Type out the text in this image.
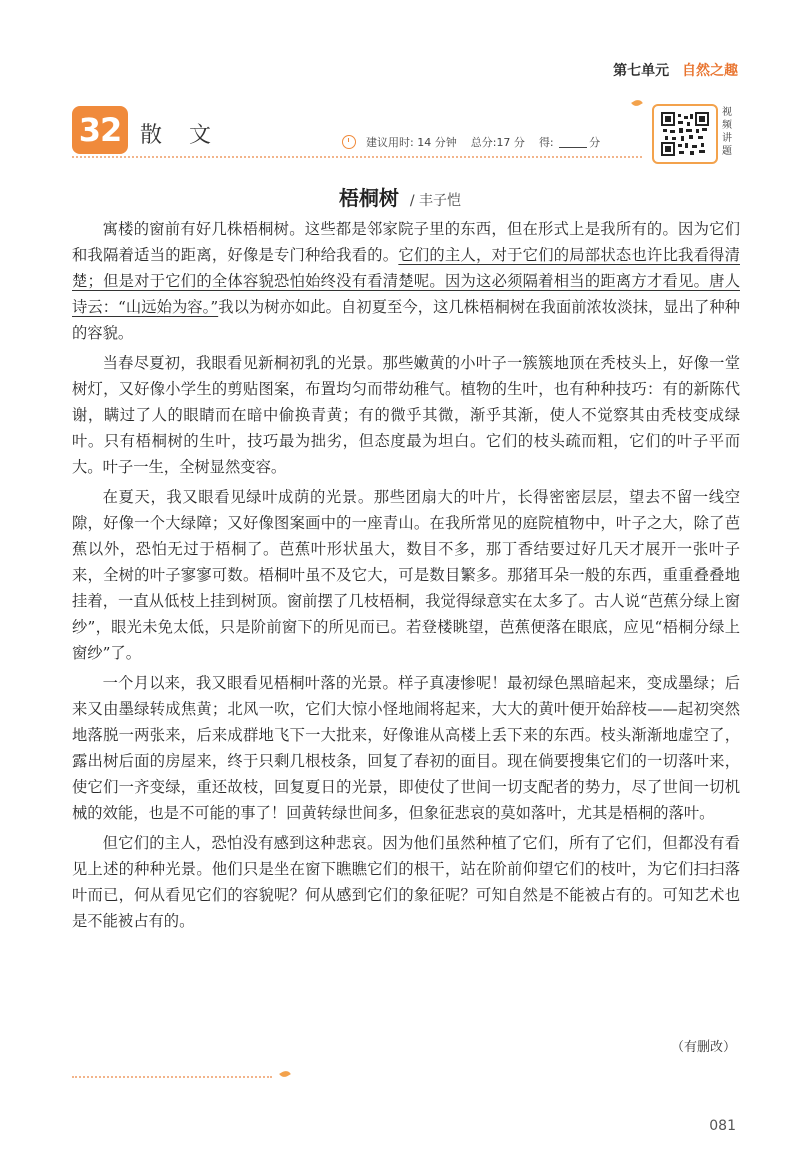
第七单元 自然之趣
32 散 文	建议用时:
14 分钟 总分: 17 分 得:
	分
视频讲题
梧桐树 / 丰子恺

寓楼的窗前有好几株梧桐树。这些都是邻家院子里的东西，但在形式上是我所有的。因为它们和我隔着适当的距离，好像是专门种给我看的。它们的主人，对于它们的局部状态也许比我看得清楚；但是对于它们的全体容貌恐怕始终没有看清楚呢。因为这必须隔着相当的距离方才看见。唐人诗云：“山远始为容。”我以为树亦如此。自初夏至今，这几株梧桐树在我面前浓妆淡抹，显出了种种的容貌。

当春尽夏初，我眼看见新桐初乳的光景。那些嫩黄的小叶子一簇簇地顶在秃枝头上，好像一堂树灯，又好像小学生的剪贴图案，布置均匀而带幼稚气。植物的生叶，也有种种技巧：有的新陈代谢，瞒过了人的眼睛而在暗中偷换青黄；有的微乎其微，渐乎其渐，使人不觉察其由秃枝变成绿叶。只有梧桐树的生叶，技巧最为拙劣，但态度最为坦白。它们的枝头疏而粗，它们的叶子平而大。叶子一生，全树显然变容。

在夏天，我又眼看见绿叶成荫的光景。那些团扇大的叶片，长得密密层层，望去不留一线空隙，好像一个大绿障；又好像图案画中的一座青山。在我所常见的庭院植物中，叶子之大，除了芭蕉以外，恐怕无过于梧桐了。芭蕉叶形状虽大，数目不多，那丁香结要过好几天才展开一张叶子来，全树的叶子寥寥可数。梧桐叶虽不及它大，可是数目繁多。那猪耳朵一般的东西，重重叠叠地挂着，一直从低枝上挂到树顶。窗前摆了几枝梧桐，我觉得绿意实在太多了。古人说“芭蕉分绿上窗纱”，眼光未免太低，只是阶前窗下的所见而已。若登楼眺望，芭蕉便落在眼底，应见“梧桐分绿上窗纱”了。

一个月以来，我又眼看见梧桐叶落的光景。样子真凄惨呢！最初绿色黑暗起来，变成墨绿；后来又由墨绿转成焦黄；北风一吹，它们大惊小怪地闹将起来，大大的黄叶便开始辞枝——起初突然地落脱一两张来，后来成群地飞下一大批来，好像谁从高楼上丢下来的东西。枝头渐渐地虚空了，露出树后面的房屋来，终于只剩几根枝条，回复了春初的面目。现在倘要搜集它们的一切落叶来，使它们一齐变绿，重还故枝，回复夏日的光景，即使仗了世间一切支配者的势力，尽了世间一切机械的效能，也是不可能的事了！回黄转绿世间多，但象征悲哀的莫如落叶，尤其是梧桐的落叶。

但它们的主人，恐怕没有感到这种悲哀。因为他们虽然种植了它们，所有了它们，但都没有看见上述的种种光景。他们只是坐在窗下瞧瞧它们的根干，站在阶前仰望它们的枝叶，为它们扫扫落叶而已，何从看见它们的容貌呢？何从感到它们的象征呢？可知自然是不能被占有的。可知艺术也是不能被占有的。

（有删改）
081
